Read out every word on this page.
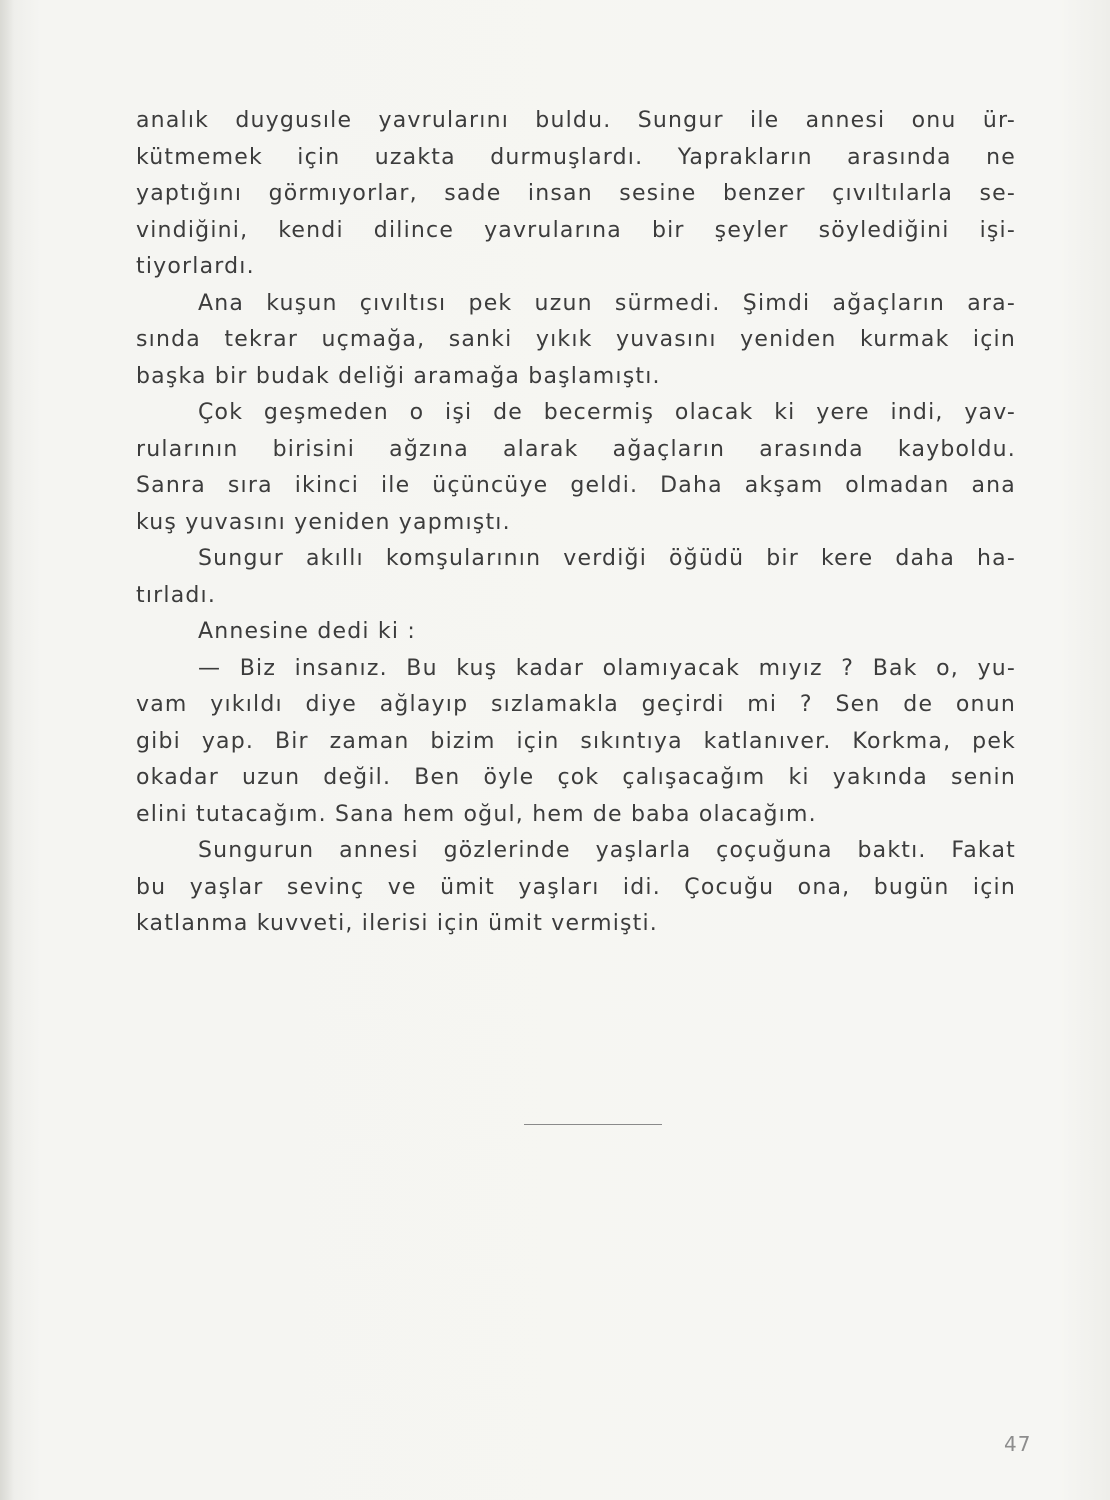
analık duygusıle yavrularını buldu. Sungur ile annesi onu ür-
kütmemek için uzakta durmuşlardı. Yaprakların arasında ne
yaptığını görmıyorlar, sade insan sesine benzer çıvıltılarla se-
vindiğini, kendi dilince yavrularına bir şeyler söylediğini işi-
tiyorlardı.
Ana kuşun çıvıltısı pek uzun sürmedi. Şimdi ağaçların ara-
sında tekrar uçmağa, sanki yıkık yuvasını yeniden kurmak için
başka bir budak deliği aramağa başlamıştı.
Çok geşmeden o işi de becermiş olacak ki yere indi, yav-
rularının birisini ağzına alarak ağaçların arasında kayboldu.
Sanra sıra ikinci ile üçüncüye geldi. Daha akşam olmadan ana
kuş yuvasını yeniden yapmıştı.
Sungur akıllı komşularının verdiği öğüdü bir kere daha ha-
tırladı.
Annesine dedi ki :
— Biz insanız. Bu kuş kadar olamıyacak mıyız ? Bak o, yu-
vam yıkıldı diye ağlayıp sızlamakla geçirdi mi ? Sen de onun
gibi yap. Bir zaman bizim için sıkıntıya katlanıver. Korkma, pek
okadar uzun değil. Ben öyle çok çalışacağım ki yakında senin
elini tutacağım. Sana hem oğul, hem de baba olacağım.
Sungurun annesi gözlerinde yaşlarla çoçuğuna baktı. Fakat
bu yaşlar sevinç ve ümit yaşları idi. Çocuğu ona, bugün için
katlanma kuvveti, ilerisi için ümit vermişti.
47
